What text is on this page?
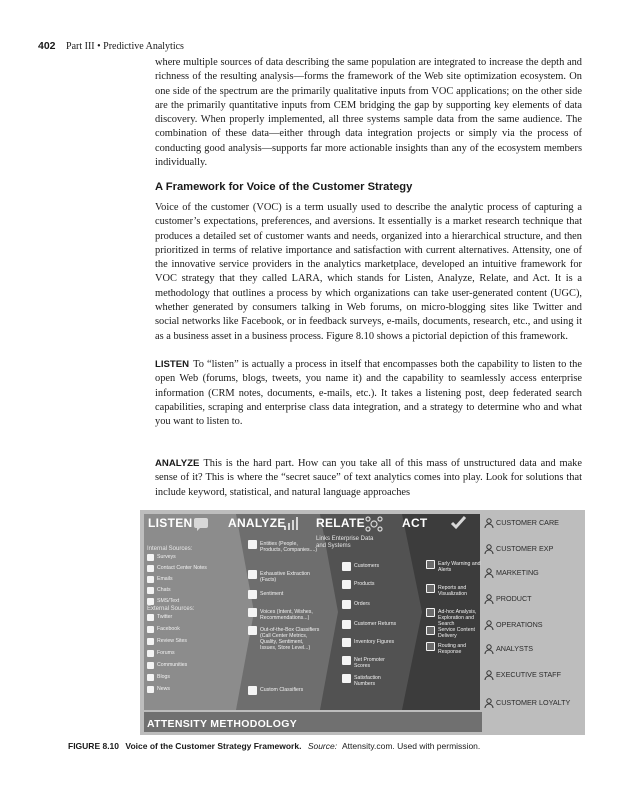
402 Part III • Predictive Analytics

where multiple sources of data describing the same population are integrated to increase the depth and richness of the resulting analysis—forms the framework of the Web site optimization ecosystem. On one side of the spectrum are the primarily qualitative inputs from VOC applications; on the other side are the primarily quantitative inputs from CEM bridging the gap by supporting key elements of data discovery. When properly implemented, all three systems sample data from the same audience. The combination of these data—either through data integration projects or simply via the process of conducting good analysis—supports far more actionable insights than any of the ecosystem members individually.

A Framework for Voice of the Customer Strategy

Voice of the customer (VOC) is a term usually used to describe the analytic process of capturing a customer’s expectations, preferences, and aversions. It essentially is a market research technique that produces a detailed set of customer wants and needs, organized into a hierarchical structure, and then prioritized in terms of relative importance and satisfaction with current alternatives. Attensity, one of the innovative service providers in the analytics marketplace, developed an intuitive framework for VOC strategy that they called LARA, which stands for Listen, Analyze, Relate, and Act. It is a methodology that outlines a process by which organizations can take user-generated content (UGC), whether generated by consumers talking in Web forums, on micro-blogging sites like Twitter and social networks like Facebook, or in feedback surveys, e-mails, documents, research, etc., and using it as a business asset in a business process. Figure 8.10 shows a pictorial depiction of this framework.

LISTEN To “listen” is actually a process in itself that encompasses both the capability to listen to the open Web (forums, blogs, tweets, you name it) and the capability to seamlessly access enterprise information (CRM notes, documents, e-mails, etc.). It takes a listening post, deep federated search capabilities, scraping and enterprise class data integration, and a strategy to determine who and what you want to listen to.

ANALYZE This is the hard part. How can you take all of this mass of unstructured data and make sense of it? This is where the “secret sauce” of text analytics comes into play. Look for solutions that include keyword, statistical, and natural language approaches

LISTEN
Internal Sources:
Surveys
Contact Center Notes
Emails
Chats
SMS/Text
External Sources:
Twitter
Facebook
Review Sites
Forums
Communities
Blogs
News
ANALYZE
Entities (People, Products, Companies....)
Exhaustive Extraction (Facts)
Sentiment
Voices (Intent, Wishes, Recommendations...)
Out-of-the-Box Classifiers (Call Center Metrics, Quality, Sentiment, Issues, Store Level...)
Custom Classifiers
RELATE
Links Enterprise Data and Systems
Customers
Products
Orders
Customer Returns
Inventory Figures
Net Promoter Scores
Satisfaction Numbers
ACT
Early Warning and Alerts
Reports and Visualization
Ad-hoc Analysis, Exploration and Search
Service Content Delivery
Routing and Response
CUSTOMER CARE
CUSTOMER EXP
MARKETING
PRODUCT
OPERATIONS
ANALYSTS
EXECUTIVE STAFF
CUSTOMER LOYALTY
ATTENSITY METHODOLOGY
FIGURE 8.10 Voice of the Customer Strategy Framework. Source: Attensity.com. Used with permission.
